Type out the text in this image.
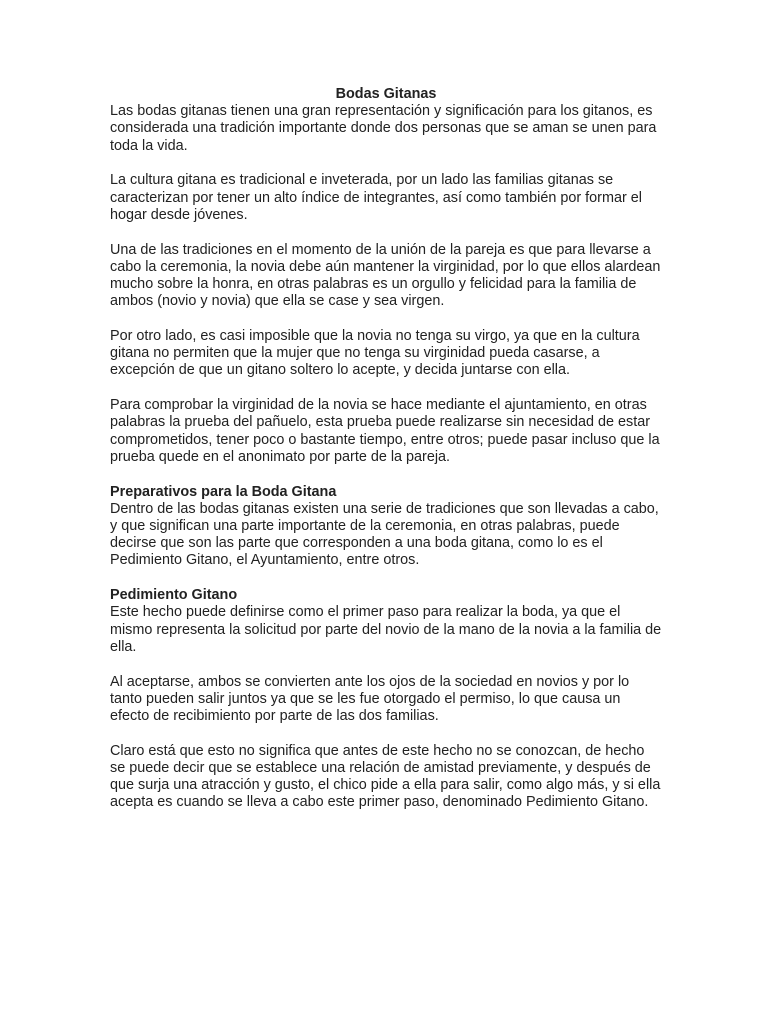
Bodas Gitanas

Las bodas gitanas tienen una gran representación y significación para los gitanos, es considerada una tradición importante donde dos personas que se aman se unen para toda la vida.

La cultura gitana es tradicional e inveterada, por un lado las familias gitanas se caracterizan por tener un alto índice de integrantes, así como también por formar el hogar desde jóvenes.

Una de las tradiciones en el momento de la unión de la pareja es que para llevarse a cabo la ceremonia, la novia debe aún mantener la virginidad, por lo que ellos alardean mucho sobre la honra, en otras palabras es un orgullo y felicidad para la familia de ambos (novio y novia) que ella se case y sea virgen.

Por otro lado, es casi imposible que la novia no tenga su virgo, ya que en la cultura gitana no permiten que la mujer que no tenga su virginidad pueda casarse, a excepción de que un gitano soltero lo acepte, y decida juntarse con ella.

Para comprobar la virginidad de la novia se hace mediante el ajuntamiento, en otras palabras la prueba del pañuelo, esta prueba puede realizarse sin necesidad de estar comprometidos, tener poco o bastante tiempo, entre otros; puede pasar incluso que la prueba quede en el anonimato por parte de la pareja.

Preparativos para la Boda Gitana
Dentro de las bodas gitanas existen una serie de tradiciones que son llevadas a cabo, y que significan una parte importante de la ceremonia, en otras palabras, puede decirse que son las parte que corresponden a una boda gitana, como lo es el Pedimiento Gitano, el Ayuntamiento, entre otros.

Pedimiento Gitano
Este hecho puede definirse como el primer paso para realizar la boda, ya que el mismo representa la solicitud por parte del novio de la mano de la novia a la familia de ella.

Al aceptarse, ambos se convierten ante los ojos de la sociedad en novios y por lo tanto pueden salir juntos ya que se les fue otorgado el permiso, lo que causa un efecto de recibimiento por parte de las dos familias.

Claro está que esto no significa que antes de este hecho no se conozcan, de hecho se puede decir que se establece una relación de amistad previamente, y después de que surja una atracción y gusto, el chico pide a ella para salir, como algo más, y si ella acepta es cuando se lleva a cabo este primer paso, denominado Pedimiento Gitano.
